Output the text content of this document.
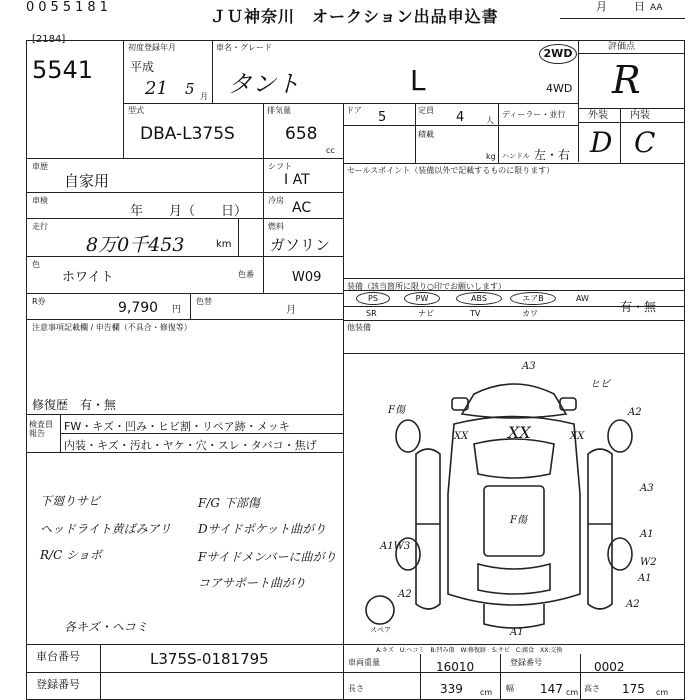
0055181	ＪＵ神奈川　オークション出品申込書
月 日 AA
[2184]
5541
初度登録年月
平成
21 5 月
車名・グレード
タント	L
2WD
4WD
型式
DBA-L375S
排気量
658
cc
ドア 5	定員 4	人
ディーラー・並行
積載
kg ハンドル 左・右
評価点
R
外装 内装
D C
車歴
自家用
シフト
I AT
車検
年　　月（　　日）
冷房 AC
走行
8万0千453	km
燃料
ガソリン
色
ホワイト	色番	W09
R券	9,790 円
色替
月
セールスポイント（装備以外で記載するものに限ります）
装備（該当箇所に限り○印でお願いします）
PS	PW	ABS	エアB	AW
SR	ナビ	TV	カワ	有・無
他装備
注意事項記載欄 / 申告欄（不具合・修復等）
修復歴　有・無
検査員報告
FW・キズ・凹み・ヒビ割・リペア跡・メッキ
内装・キズ・汚れ・ヤケ・穴・スレ・タバコ・焦げ
下廻りサビ
ヘッドライト黄ばみアリ
R/C ショボ
各キズ・ヘコミ
F/G 下部傷
Dサイドポケット曲がり
Fサイドメンバーに曲がり
コアサポート曲がり
F傷
A3
ヒビ
A2
XX XX	XX
A3
F傷
A1
A1W3
W2
A1
A2
A2
A1
スペア
A:キズ　U:ヘコミ　B:凹み傷　W:修復跡　S:サビ　C:腐食　XX:交換
車台番号	L375S-0181795
登録番号
車両重量	16010	登録番号	0002
長さ	339 cm 幅 147 cm 高さ 175 cm
